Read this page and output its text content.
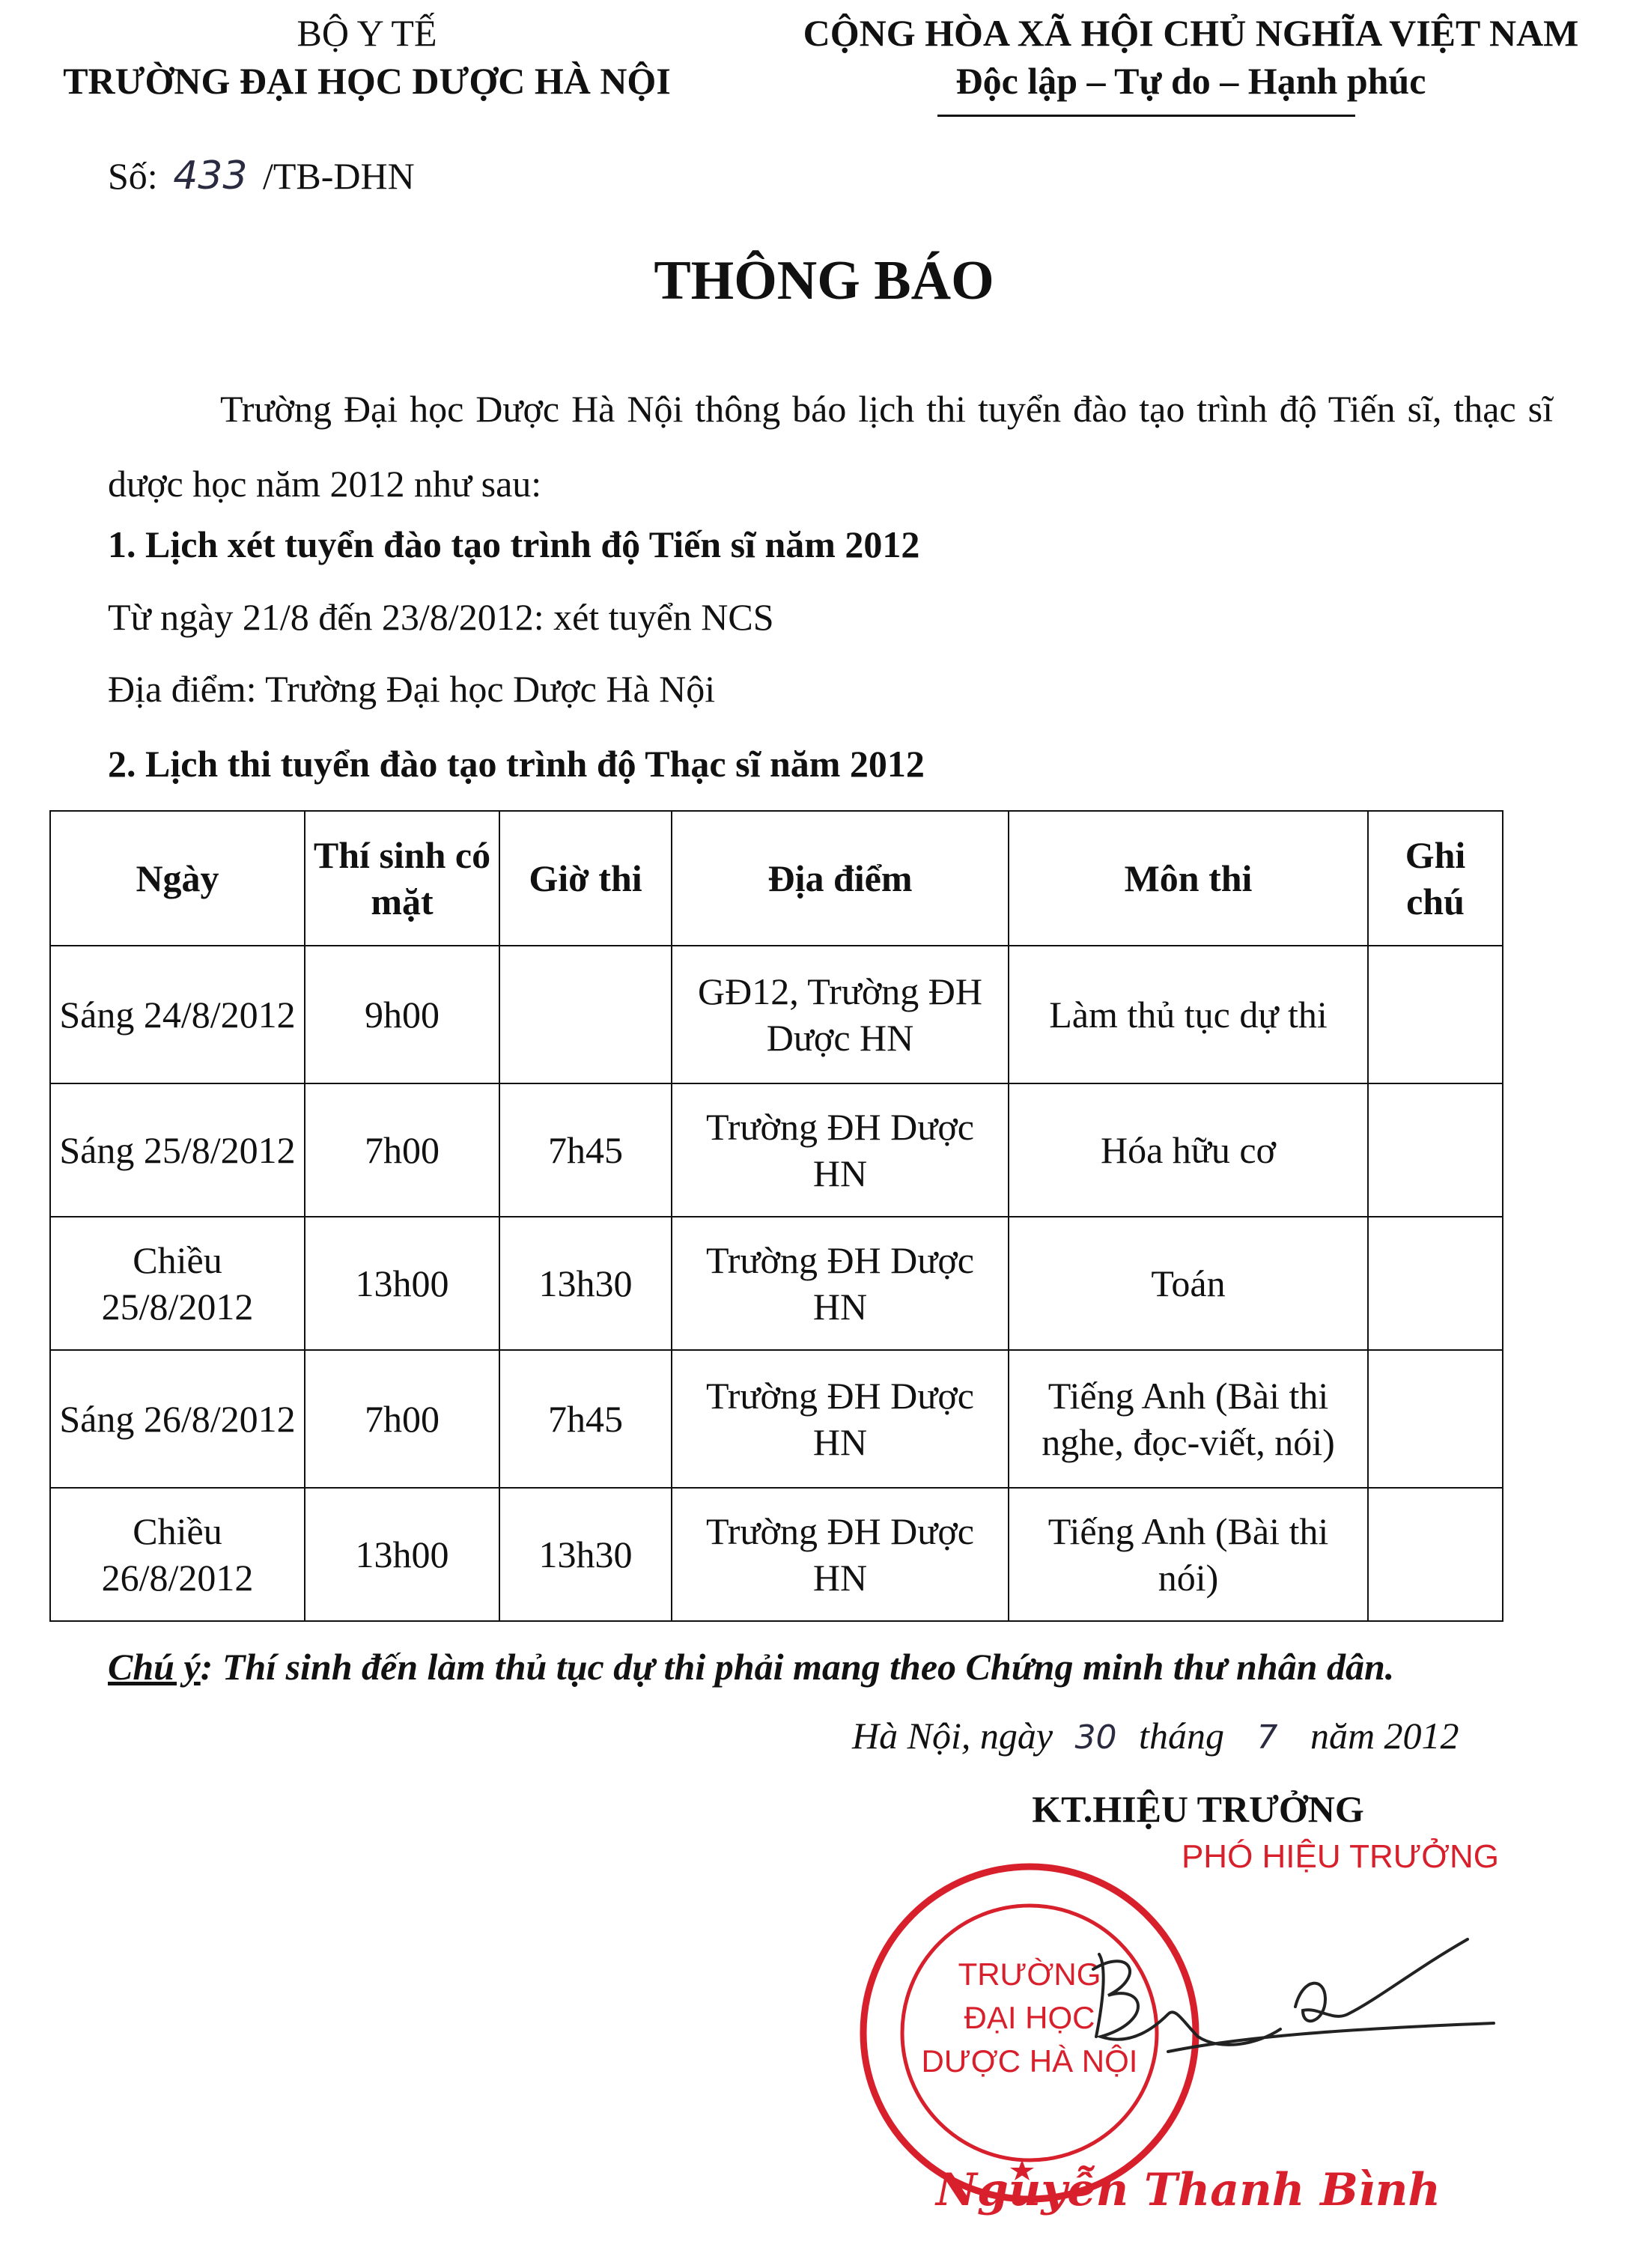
BỘ Y TẾ
TRƯỜNG ĐẠI HỌC DƯỢC HÀ NỘI
CỘNG HÒA XÃ HỘI CHỦ NGHĨA VIỆT NAM
Độc lập – Tự do – Hạnh phúc
Số: 433 /TB-DHN
THÔNG BÁO
Trường Đại học Dược Hà Nội thông báo lịch thi tuyển đào tạo trình độ Tiến sĩ, thạc sĩ dược học năm 2012 như sau:
1. Lịch xét tuyển đào tạo trình độ Tiến sĩ năm 2012
Từ ngày 21/8 đến 23/8/2012: xét tuyển NCS
Địa điểm: Trường Đại học Dược Hà Nội
2. Lịch thi tuyển đào tạo trình độ Thạc sĩ năm 2012
Ngày	Thí sinh có mặt	Giờ thi	Địa điểm	Môn thi	Ghi chú
Sáng 24/8/2012	9h00		GĐ12, Trường ĐH Dược HN	Làm thủ tục dự thi	
Sáng 25/8/2012	7h00	7h45	Trường ĐH Dược HN	Hóa hữu cơ	
Chiều 25/8/2012	13h00	13h30	Trường ĐH Dược HN	Toán	
Sáng 26/8/2012	7h00	7h45	Trường ĐH Dược HN	Tiếng Anh (Bài thi nghe, đọc-viết, nói)	
Chiều 26/8/2012	13h00	13h30	Trường ĐH Dược HN	Tiếng Anh (Bài thi nói)	
Chú ý: Thí sinh đến làm thủ tục dự thi phải mang theo Chứng minh thư nhân dân.
Hà Nội, ngày 30 tháng 7 năm 2012
KT.HIỆU TRƯỞNG
PHÓ HIỆU TRƯỞNG
TRƯỜNG
ĐẠI HỌC
DƯỢC HÀ NỘI
Nguyễn Thanh Bình
